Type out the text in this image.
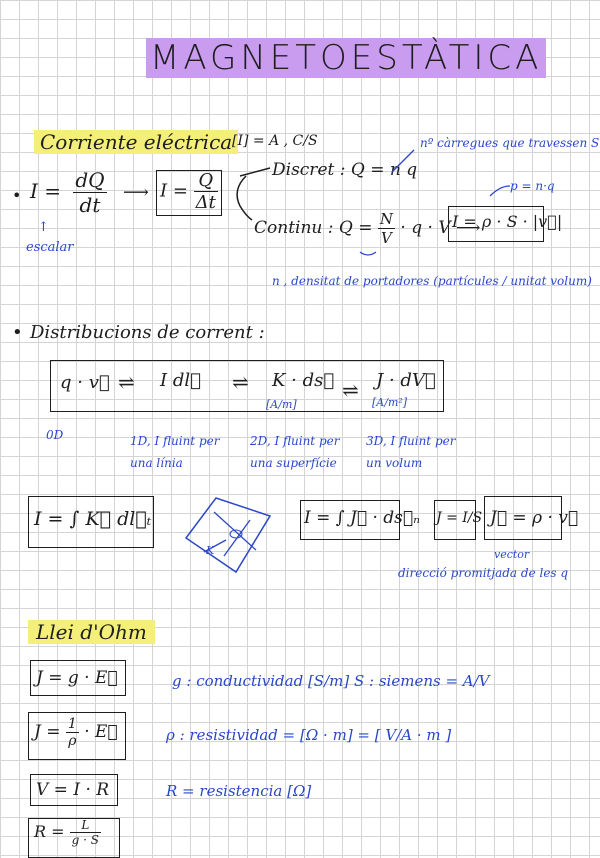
MAGNETOESTÀTICA
Corriente eléctrica [I] = A , C/S	nº càrregues que travessen S
• $I = \frac{dQ}{dt}$ ⟶ $I = \frac{Q}{\Delta t}$
↑
escalar
Discret : Q = n q
p = n·q
Continu : $Q = \frac{N}{V} \cdot q \cdot V$ ⟶
I = ρ · S · |v⃗|
n , densitat de portadores (partícules / unitat volum)
• Distribucions de corrent :
q · v⃗ ⇌ I dl⃗ ⇌ K · ds⃗ ⇌ J · dV⃗
[A/m]	[A/m²]
0D	1D, I fluint per una línia
2D, I fluint per una superfície
3D, I fluint per un volum
I = ∫ K⃗ dl⃗ₜ
K
I = ∫ J⃗ · ds⃗ₙ J = I/S J⃗ = ρ · v⃗
vector
direcció promitjada de les q
Llei d'Ohm
J = g · E⃗
$J = \frac{1}{\rho}$ · E⃗
V = I · R
$R = \frac{L}{g \cdot S}$
g : conductividad [S/m] S : siemens = A/V
ρ : resistividad = [Ω · m] = [ V/A · m ]
R = resistencia [Ω]
